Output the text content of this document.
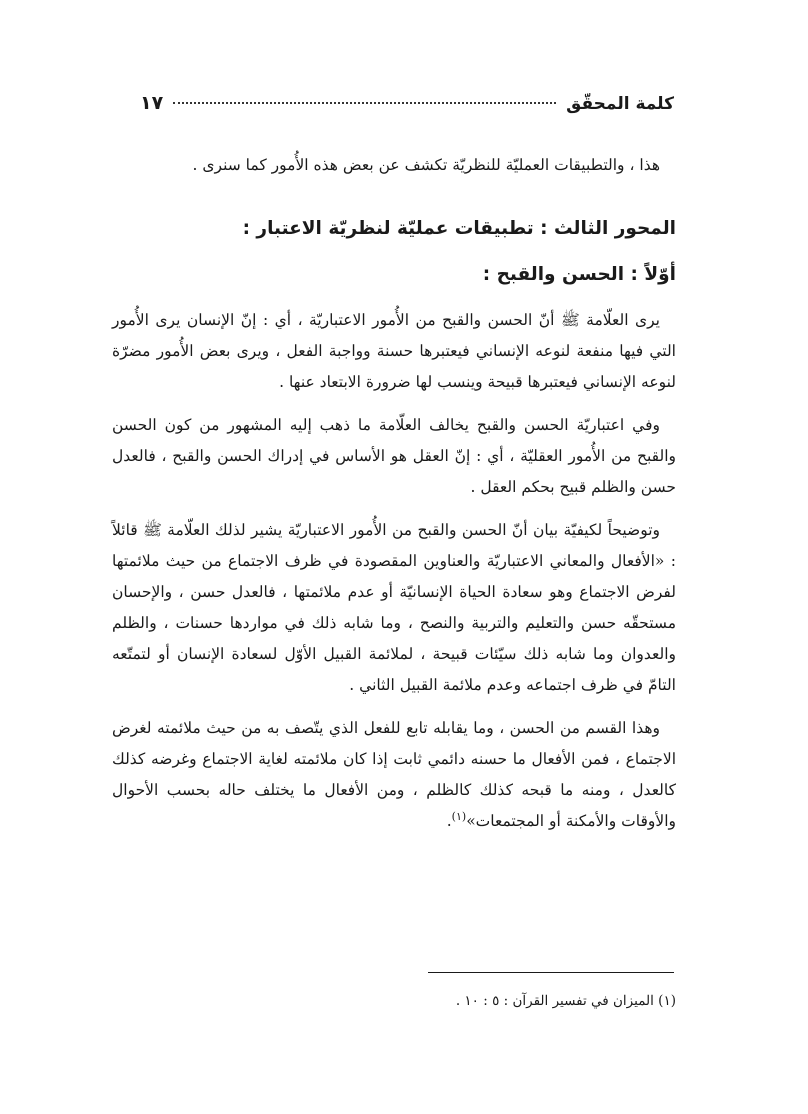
كلمة المحقّق
١٧

هذا ، والتطبيقات العمليّة للنظريّة تكشف عن بعض هذه الأُمور كما سنرى .

المحور الثالث : تطبيقات عمليّة لنظريّة الاعتبار :
أوّلاً : الحسن والقبح :

يرى العلّامة ﷺ أنّ الحسن والقبح من الأُمور الاعتباريّة ، أي : إنّ الإنسان يرى الأُمور التي فيها منفعة لنوعه الإنساني فيعتبرها حسنة وواجبة الفعل ، ويرى بعض الأُمور مضرّة لنوعه الإنساني فيعتبرها قبيحة وينسب لها ضرورة الابتعاد عنها .

وفي اعتباريّة الحسن والقبح يخالف العلّامة ما ذهب إليه المشهور من كون الحسن والقبح من الأُمور العقليّة ، أي : إنّ العقل هو الأساس في إدراك الحسن والقبح ، فالعدل حسن والظلم قبيح بحكم العقل .

وتوضيحاً لكيفيّة بيان أنّ الحسن والقبح من الأُمور الاعتباريّة يشير لذلك العلّامة ﷺ قائلاً : «الأفعال والمعاني الاعتباريّة والعناوين المقصودة في ظرف الاجتماع من حيث ملائمتها لفرض الاجتماع وهو سعادة الحياة الإنسانيّة أو عدم ملائمتها ، فالعدل حسن ، والإحسان مستحقّه حسن والتعليم والتربية والنصح ، وما شابه ذلك في مواردها حسنات ، والظلم والعدوان وما شابه ذلك سيّئات قبيحة ، لملائمة القبيل الأوّل لسعادة الإنسان أو لتمتّعه التامّ في ظرف اجتماعه وعدم ملائمة القبيل الثاني .

وهذا القسم من الحسن ، وما يقابله تابع للفعل الذي يتّصف به من حيث ملائمته لغرض الاجتماع ، فمن الأفعال ما حسنه دائمي ثابت إذا كان ملائمته لغاية الاجتماع وغرضه كذلك كالعدل ، ومنه ما قبحه كذلك كالظلم ، ومن الأفعال ما يختلف حاله بحسب الأحوال والأوقات والأمكنة أو المجتمعات»$^{(١)}$.

(١) الميزان في تفسير القرآن : ٥ : ١٠ .
